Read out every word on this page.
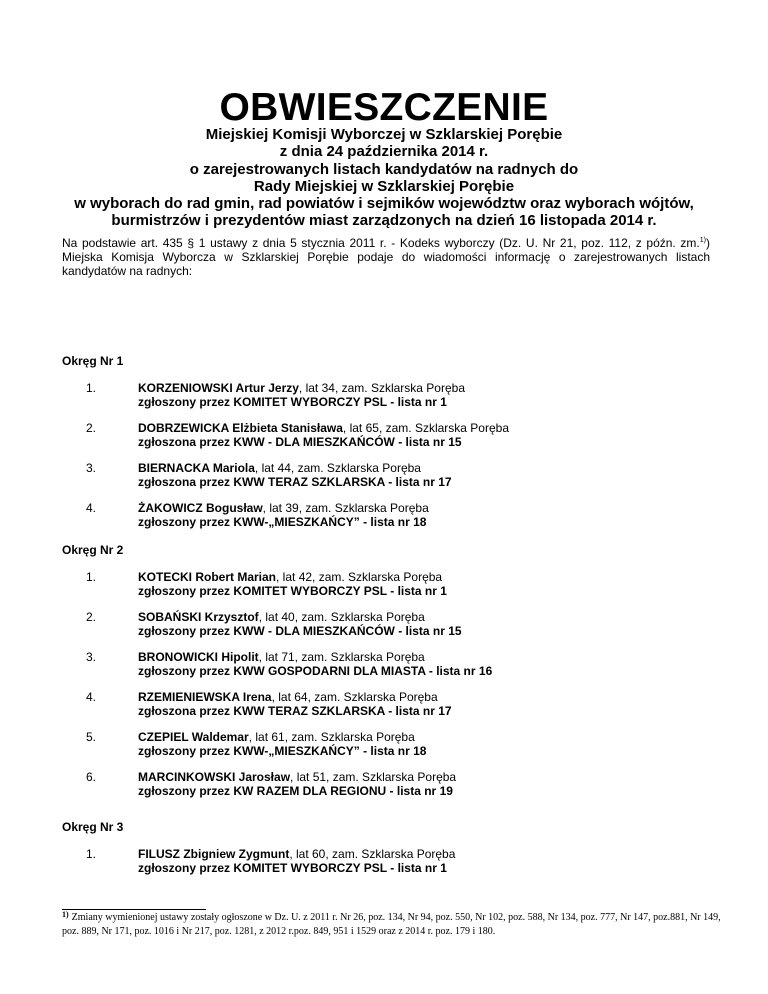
OBWIESZCZENIE
Miejskiej Komisji Wyborczej w Szklarskiej Porębie
z dnia 24 października 2014 r.
o zarejestrowanych listach kandydatów na radnych do
Rady Miejskiej w Szklarskiej Porębie
w wyborach do rad gmin, rad powiatów i sejmików województw oraz wyborach wójtów,
burmistrzów i prezydentów miast zarządzonych na dzień 16 listopada 2014 r.
Na podstawie art. 435 § 1 ustawy z dnia 5 stycznia 2011 r. - Kodeks wyborczy (Dz. U. Nr 21, poz. 112, z późn. zm.$^{1)}$) Miejska Komisja Wyborcza w Szklarskiej Porębie podaje do wiadomości informację o zarejestrowanych listach kandydatów na radnych:
Okręg Nr 1
1.	KORZENIOWSKI Artur Jerzy, lat 34, zam. Szklarska Poręba
zgłoszony przez KOMITET WYBORCZY PSL - lista nr 1
2.	DOBRZEWICKA Elżbieta Stanisława, lat 65, zam. Szklarska Poręba
zgłoszona przez KWW - DLA MIESZKAŃCÓW - lista nr 15
3.	BIERNACKA Mariola, lat 44, zam. Szklarska Poręba
zgłoszona przez KWW TERAZ SZKLARSKA - lista nr 17
4.	ŻAKOWICZ Bogusław, lat 39, zam. Szklarska Poręba
zgłoszony przez KWW-„MIESZKAŃCY” - lista nr 18
Okręg Nr 2
1.	KOTECKI Robert Marian, lat 42, zam. Szklarska Poręba
zgłoszony przez KOMITET WYBORCZY PSL - lista nr 1
2.	SOBAŃSKI Krzysztof, lat 40, zam. Szklarska Poręba
zgłoszony przez KWW - DLA MIESZKAŃCÓW - lista nr 15
3.	BRONOWICKI Hipolit, lat 71, zam. Szklarska Poręba
zgłoszony przez KWW GOSPODARNI DLA MIASTA - lista nr 16
4.	RZEMIENIEWSKA Irena, lat 64, zam. Szklarska Poręba
zgłoszona przez KWW TERAZ SZKLARSKA - lista nr 17
5.	CZEPIEL Waldemar, lat 61, zam. Szklarska Poręba
zgłoszony przez KWW-„MIESZKAŃCY” - lista nr 18
6.	MARCINKOWSKI Jarosław, lat 51, zam. Szklarska Poręba
zgłoszony przez KW RAZEM DLA REGIONU - lista nr 19
Okręg Nr 3
1.	FILUSZ Zbigniew Zygmunt, lat 60, zam. Szklarska Poręba
zgłoszony przez KOMITET WYBORCZY PSL - lista nr 1
$^{1)}$ Zmiany wymienionej ustawy zostały ogłoszone w Dz. U. z 2011 r. Nr 26, poz. 134, Nr 94, poz. 550, Nr 102, poz. 588, Nr 134, poz. 777, Nr 147, poz.881, Nr 149, poz. 889, Nr 171, poz. 1016 i Nr 217, poz. 1281, z 2012 r.poz. 849, 951 i 1529 oraz z 2014 r. poz. 179 i 180.
